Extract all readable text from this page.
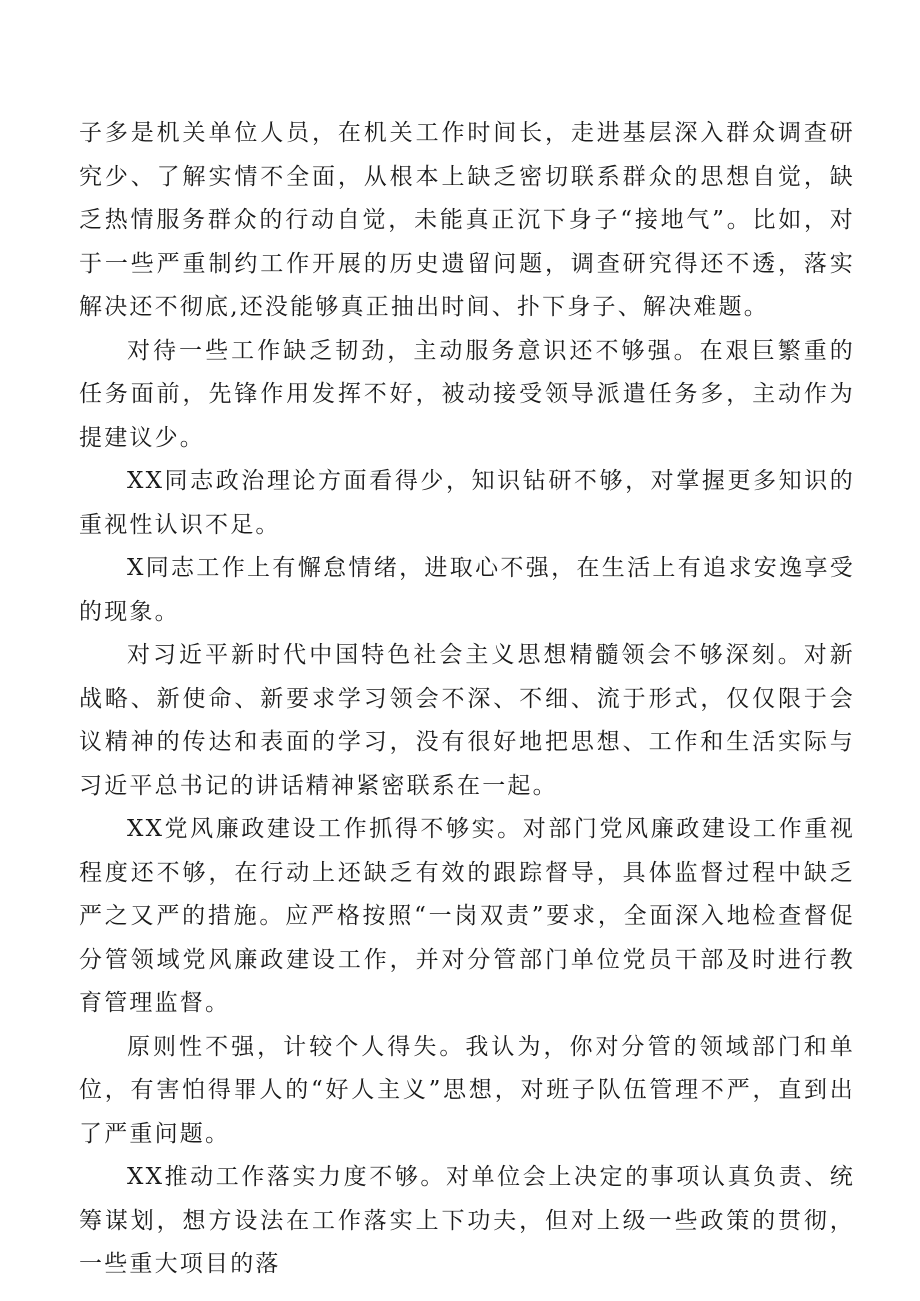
子多是机关单位人员，在机关工作时间长，走进基层深入群众调查研究少、了解实情不全面，从根本上缺乏密切联系群众的思想自觉，缺乏热情服务群众的行动自觉，未能真正沉下身子“接地气”。比如，对于一些严重制约工作开展的历史遗留问题，调查研究得还不透，落实解决还不彻底,还没能够真正抽出时间、扑下身子、解决难题。

对待一些工作缺乏韧劲，主动服务意识还不够强。在艰巨繁重的任务面前，先锋作用发挥不好，被动接受领导派遣任务多，主动作为提建议少。

XX同志政治理论方面看得少，知识钻研不够，对掌握更多知识的重视性认识不足。

X同志工作上有懈怠情绪，进取心不强，在生活上有追求安逸享受的现象。

对习近平新时代中国特色社会主义思想精髓领会不够深刻。对新战略、新使命、新要求学习领会不深、不细、流于形式，仅仅限于会议精神的传达和表面的学习，没有很好地把思想、工作和生活实际与习近平总书记的讲话精神紧密联系在一起。

XX党风廉政建设工作抓得不够实。对部门党风廉政建设工作重视程度还不够，在行动上还缺乏有效的跟踪督导，具体监督过程中缺乏严之又严的措施。应严格按照“一岗双责”要求，全面深入地检查督促分管领域党风廉政建设工作，并对分管部门单位党员干部及时进行教育管理监督。

原则性不强，计较个人得失。我认为，你对分管的领域部门和单位，有害怕得罪人的“好人主义”思想，对班子队伍管理不严，直到出了严重问题。

XX推动工作落实力度不够。对单位会上决定的事项认真负责、统筹谋划，想方设法在工作落实上下功夫，但对上级一些政策的贯彻，一些重大项目的落
